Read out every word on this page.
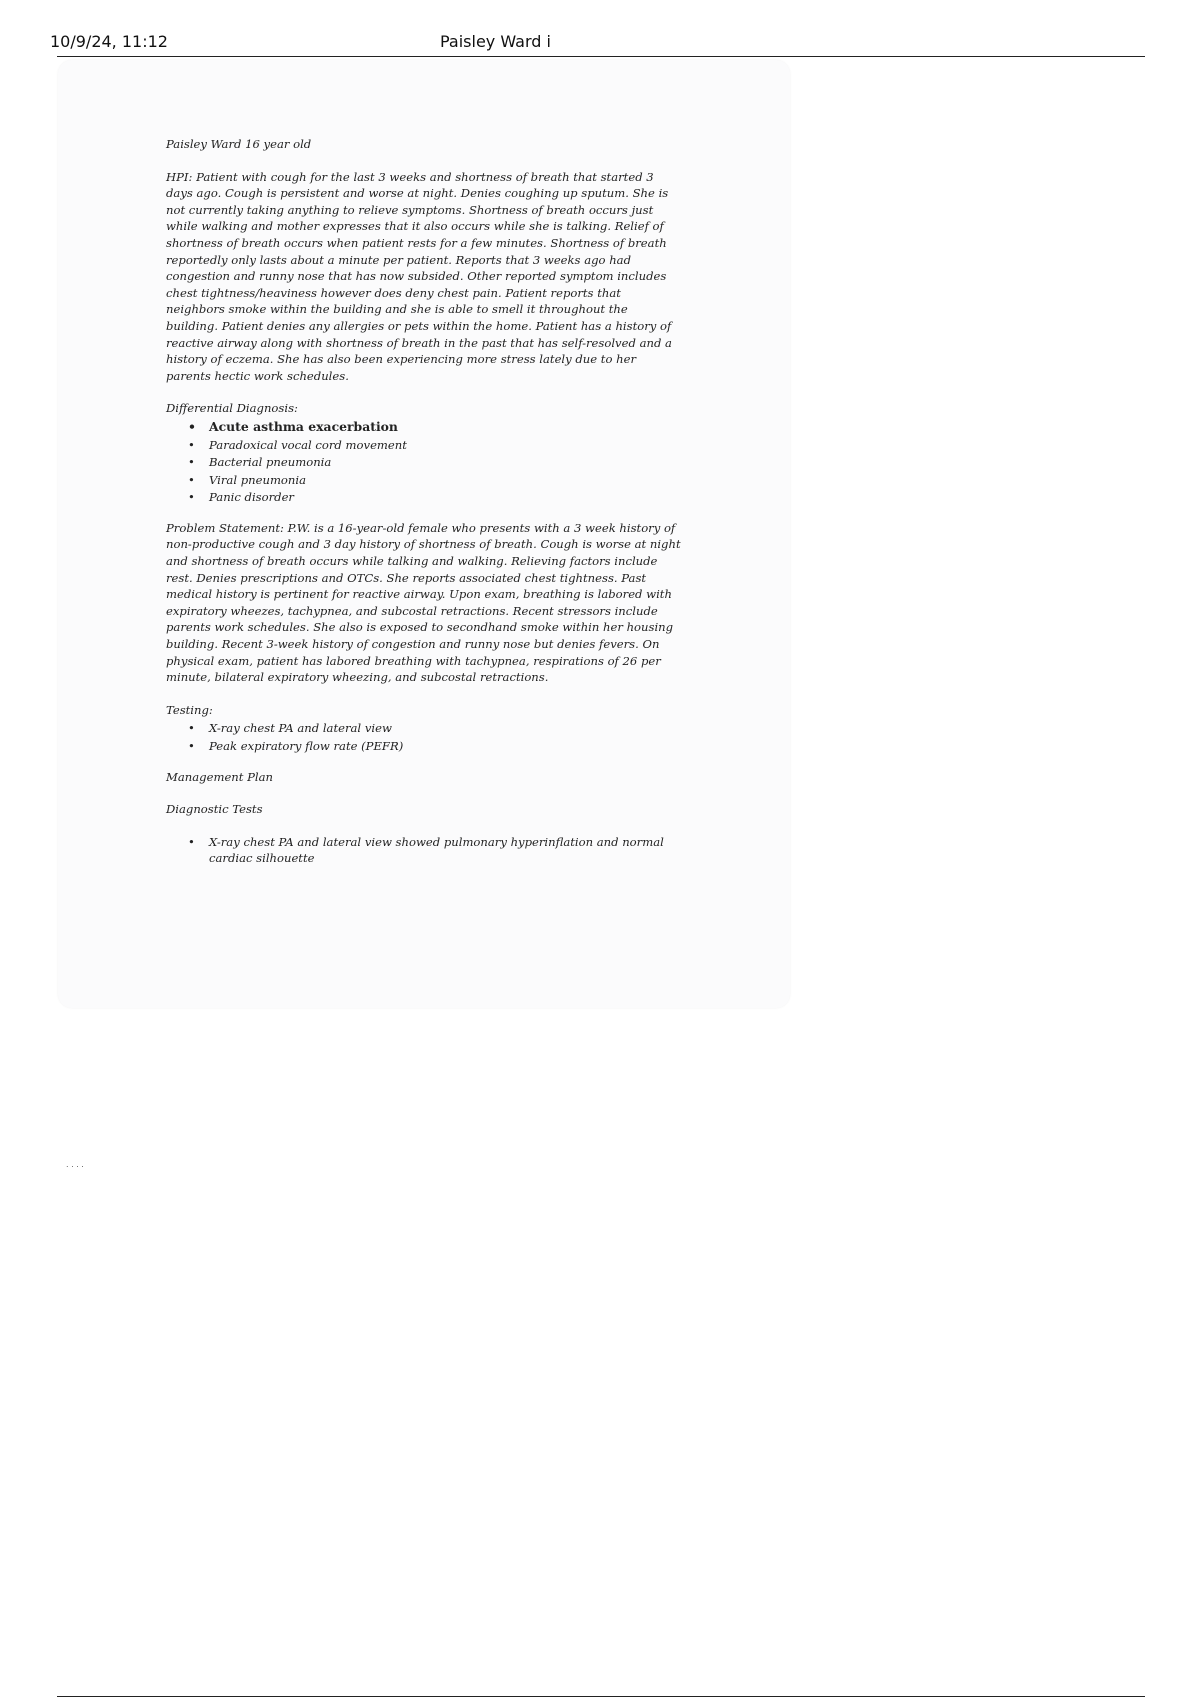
10/9/24, 11:12	Paisley Ward i

Paisley Ward 16 year old

HPI: Patient with cough for the last 3 weeks and shortness of breath that started 3 days ago. Cough is persistent and worse at night. Denies coughing up sputum. She is not currently taking anything to relieve symptoms. Shortness of breath occurs just while walking and mother expresses that it also occurs while she is talking. Relief of shortness of breath occurs when patient rests for a few minutes. Shortness of breath reportedly only lasts about a minute per patient. Reports that 3 weeks ago had congestion and runny nose that has now subsided. Other reported symptom includes chest tightness/heaviness however does deny chest pain. Patient reports that neighbors smoke within the building and she is able to smell it throughout the building. Patient denies any allergies or pets within the home. Patient has a history of reactive airway along with shortness of breath in the past that has self-resolved and a history of eczema. She has also been experiencing more stress lately due to her parents hectic work schedules.

Differential Diagnosis:

• Acute asthma exacerbation
• Paradoxical vocal cord movement
• Bacterial pneumonia
• Viral pneumonia
• Panic disorder

Problem Statement: P.W. is a 16-year-old female who presents with a 3 week history of non-productive cough and 3 day history of shortness of breath. Cough is worse at night and shortness of breath occurs while talking and walking. Relieving factors include rest. Denies prescriptions and OTCs. She reports associated chest tightness. Past medical history is pertinent for reactive airway. Upon exam, breathing is labored with expiratory wheezes, tachypnea, and subcostal retractions. Recent stressors include parents work schedules. She also is exposed to secondhand smoke within her housing building. Recent 3-week history of congestion and runny nose but denies fevers. On physical exam, patient has labored breathing with tachypnea, respirations of 26 per minute, bilateral expiratory wheezing, and subcostal retractions.

Testing:

• X-ray chest PA and lateral view
• Peak expiratory flow rate (PEFR)

Management Plan

Diagnostic Tests

• X-ray chest PA and lateral view showed pulmonary hyperinflation and normal cardiac silhouette
. . . .
